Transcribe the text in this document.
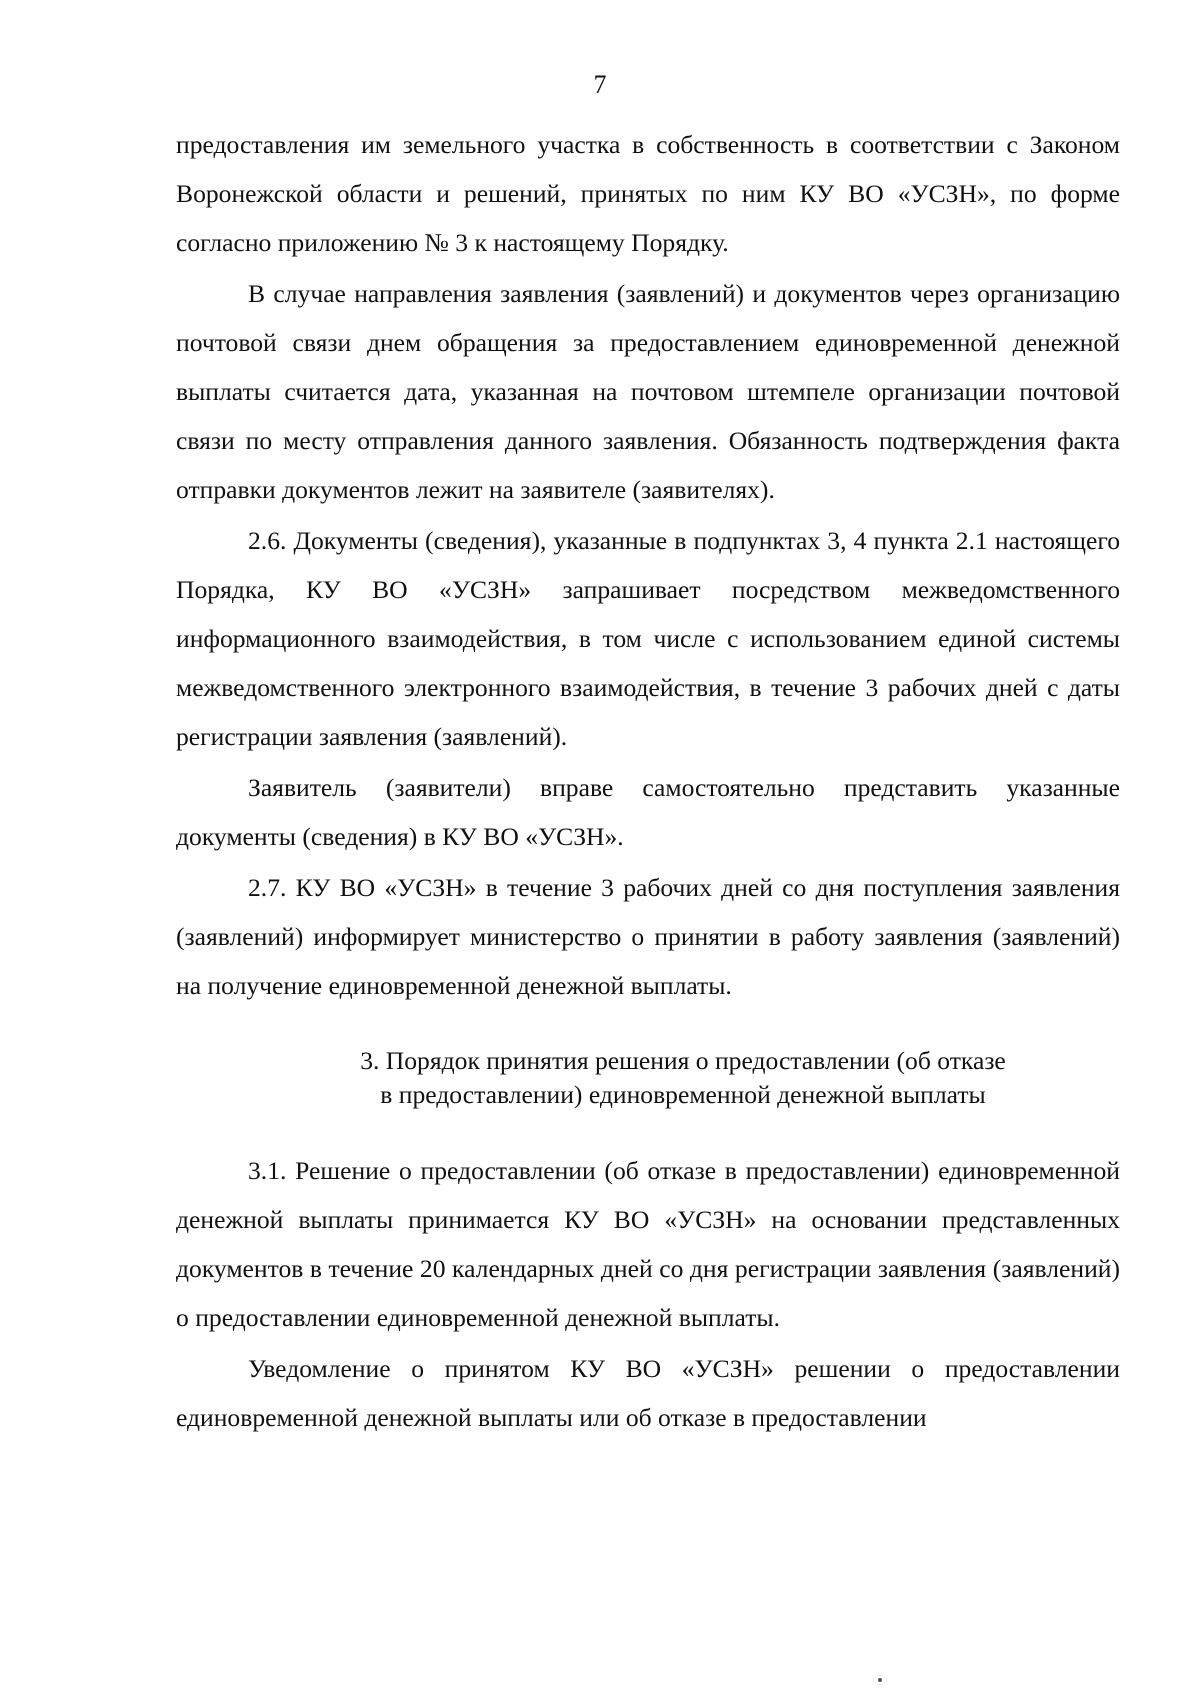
7

предоставления им земельного участка в собственность в соответствии с Законом Воронежской области и решений, принятых по ним КУ ВО «УСЗН», по форме согласно приложению № 3 к настоящему Порядку.

В случае направления заявления (заявлений) и документов через организацию почтовой связи днем обращения за предоставлением единовременной денежной выплаты считается дата, указанная на почтовом штемпеле организации почтовой связи по месту отправления данного заявления. Обязанность подтверждения факта отправки документов лежит на заявителе (заявителях).

2.6. Документы (сведения), указанные в подпунктах 3, 4 пункта 2.1 настоящего Порядка, КУ ВО «УСЗН» запрашивает посредством межведомственного информационного взаимодействия, в том числе с использованием единой системы межведомственного электронного взаимодействия, в течение 3 рабочих дней с даты регистрации заявления (заявлений).

Заявитель (заявители) вправе самостоятельно представить указанные документы (сведения) в КУ ВО «УСЗН».

2.7. КУ ВО «УСЗН» в течение 3 рабочих дней со дня поступления заявления (заявлений) информирует министерство о принятии в работу заявления (заявлений) на получение единовременной денежной выплаты.

3. Порядок принятия решения о предоставлении (об отказе
в предоставлении) единовременной денежной выплаты

3.1. Решение о предоставлении (об отказе в предоставлении) единовременной денежной выплаты принимается КУ ВО «УСЗН» на основании представленных документов в течение 20 календарных дней со дня регистрации заявления (заявлений) о предоставлении единовременной денежной выплаты.

Уведомление о принятом КУ ВО «УСЗН» решении о предоставлении единовременной денежной выплаты или об отказе в предоставлении
